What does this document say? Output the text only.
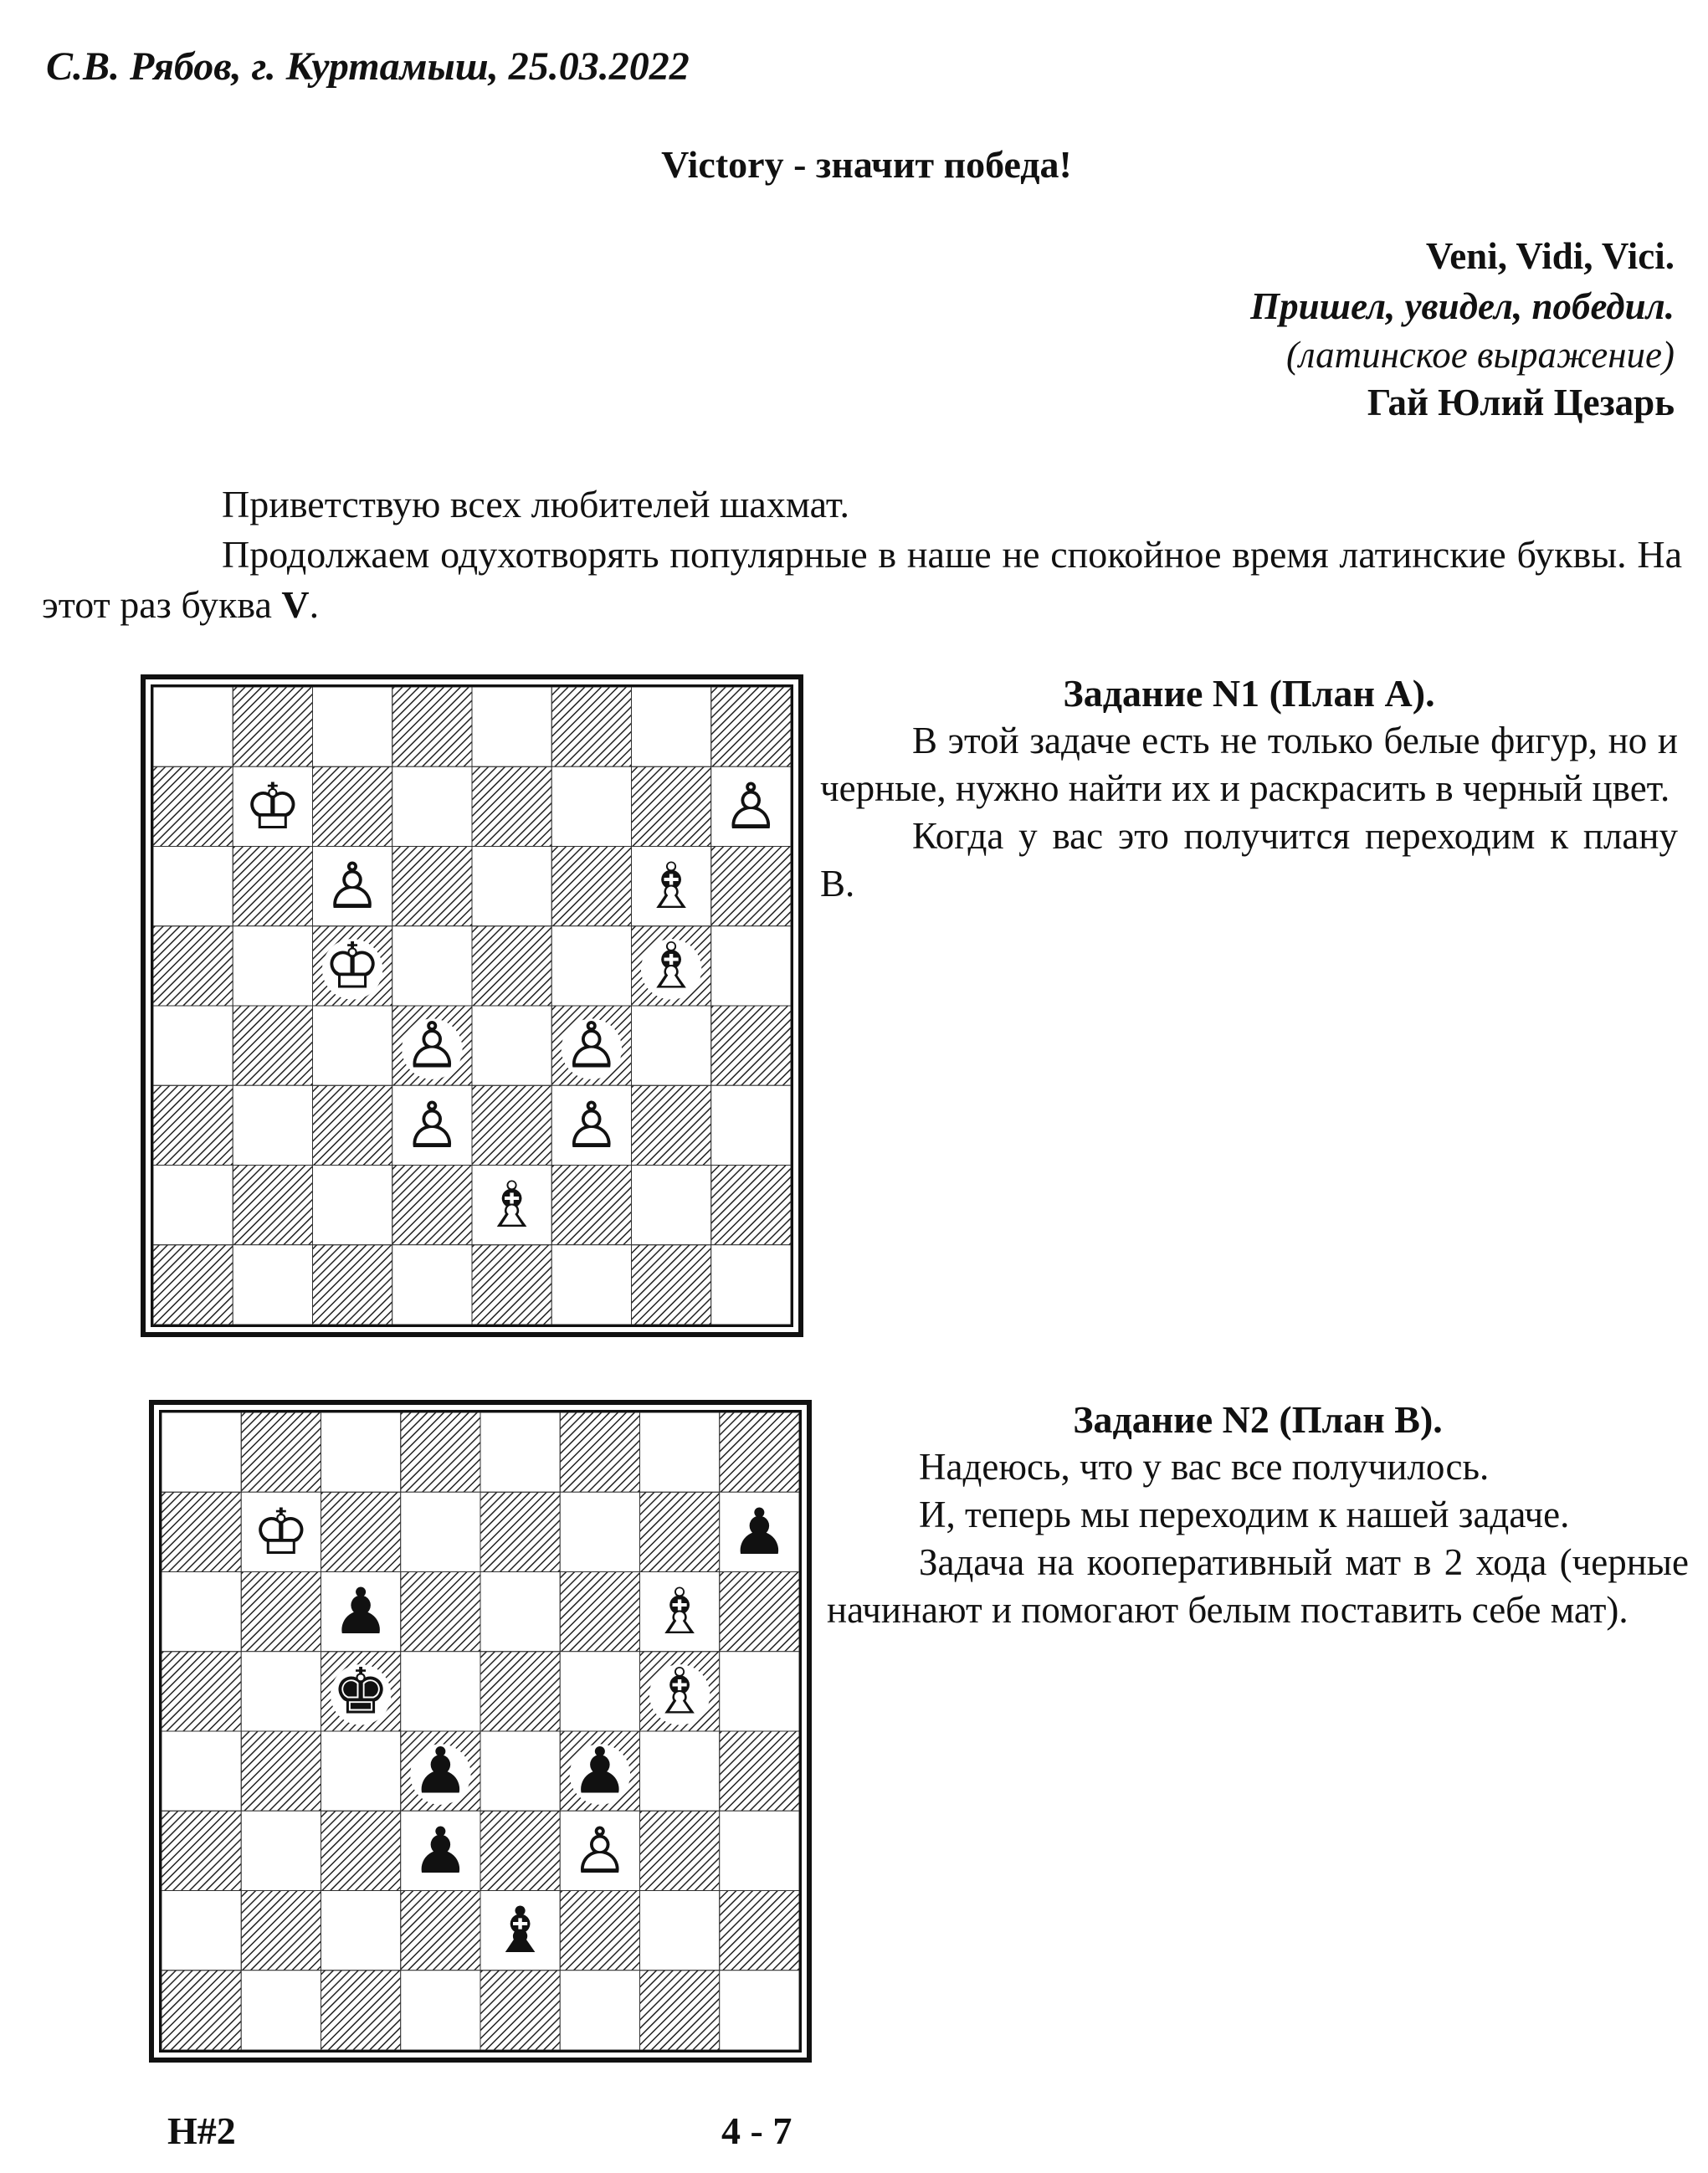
С.В. Рябов, г. Куртамыш, 25.03.2022
Victory - значит победа!
Veni, Vidi, Vici.
Пришел, увидел, победил.
(латинское выражение)
Гай Юлий Цезарь

Приветствую всех любителей шахмат.

Продолжаем одухотворять популярные в наше не спокойное время латинские буквы. На этот раз буква V.

♔	♙
♙	♗
♔	♗
♙ ♙
♙ ♙
♗
Задание N1 (План А).

В этой задаче есть не только белые фигур, но и черные, нужно найти их и раскрасить в черный цвет.

Когда у вас это получится переходим к плану B.

♔	♟
♟	♗
♚	♗
♟ ♟
♟ ♙
♝
Задание N2 (План B).

Надеюсь, что у вас все получилось.

И, теперь мы переходим к нашей задаче.

Задача на кооперативный мат в 2 хода (черные начинают и помогают белым поставить себе мат).

H#2	4 - 7
